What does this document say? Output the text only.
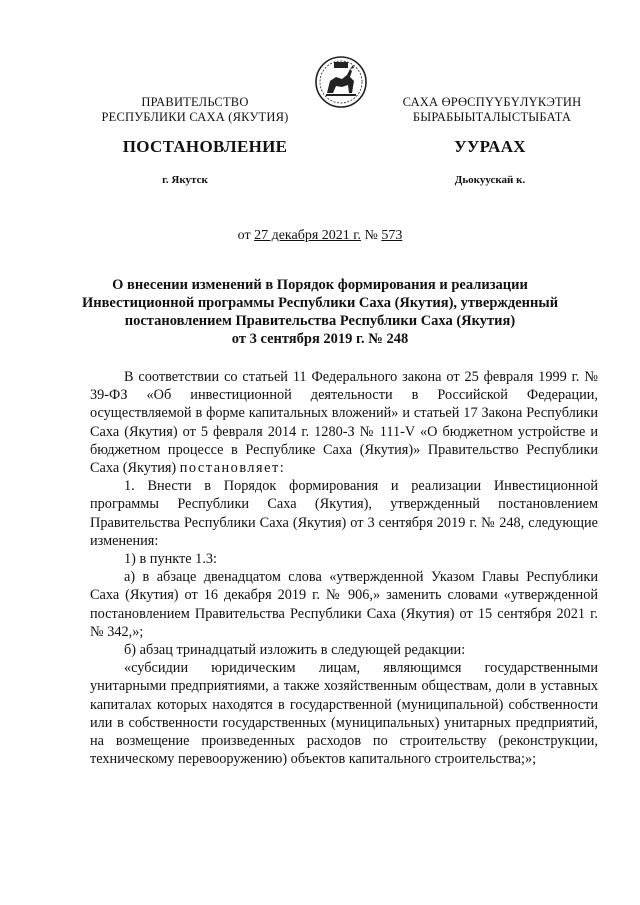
ПРАВИТЕЛЬСТВО
РЕСПУБЛИКИ САХА (ЯКУТИЯ)
САХА ӨРӨСПҮҮБҮЛҮКЭТИН
БЫРАБЫЫТАЛЫСТЫБАТА
ПОСТАНОВЛЕНИЕ	УУРААХ
г. Якутск	Дьокуускай к.
от 27 декабря 2021 г. № 573
О внесении изменений в Порядок формирования и реализации
Инвестиционной программы Республики Саха (Якутия), утвержденный
постановлением Правительства Республики Саха (Якутия)
от 3 сентября 2019 г. № 248

В соответствии со статьей 11 Федерального закона от 25 февраля 1999 г. № 39-ФЗ «Об инвестиционной деятельности в Российской Федерации, осуществляемой в форме капитальных вложений» и статьей 17 Закона Республики Саха (Якутия) от 5 февраля 2014 г. 1280-З № 111-V «О бюджетном устройстве и бюджетном процессе в Республике Саха (Якутия)» Правительство Республики Саха (Якутия) постановляет:

1. Внести в Порядок формирования и реализации Инвестиционной программы Республики Саха (Якутия), утвержденный постановлением Правительства Республики Саха (Якутия) от 3 сентября 2019 г. № 248, следующие изменения:

1) в пункте 1.3:

а) в абзаце двенадцатом слова «утвержденной Указом Главы Республики Саха (Якутия) от 16 декабря 2019 г. № 906,» заменить словами «утвержденной постановлением Правительства Республики Саха (Якутия) от 15 сентября 2021 г. № 342,»;

б) абзац тринадцатый изложить в следующей редакции:

«субсидии юридическим лицам, являющимся государственными унитарными предприятиями, а также хозяйственным обществам, доли в уставных капиталах которых находятся в государственной (муниципальной) собственности или в собственности государственных (муниципальных) унитарных предприятий, на возмещение произведенных расходов по строительству (реконструкции, техническому перевооружению) объектов капитального строительства;»;
